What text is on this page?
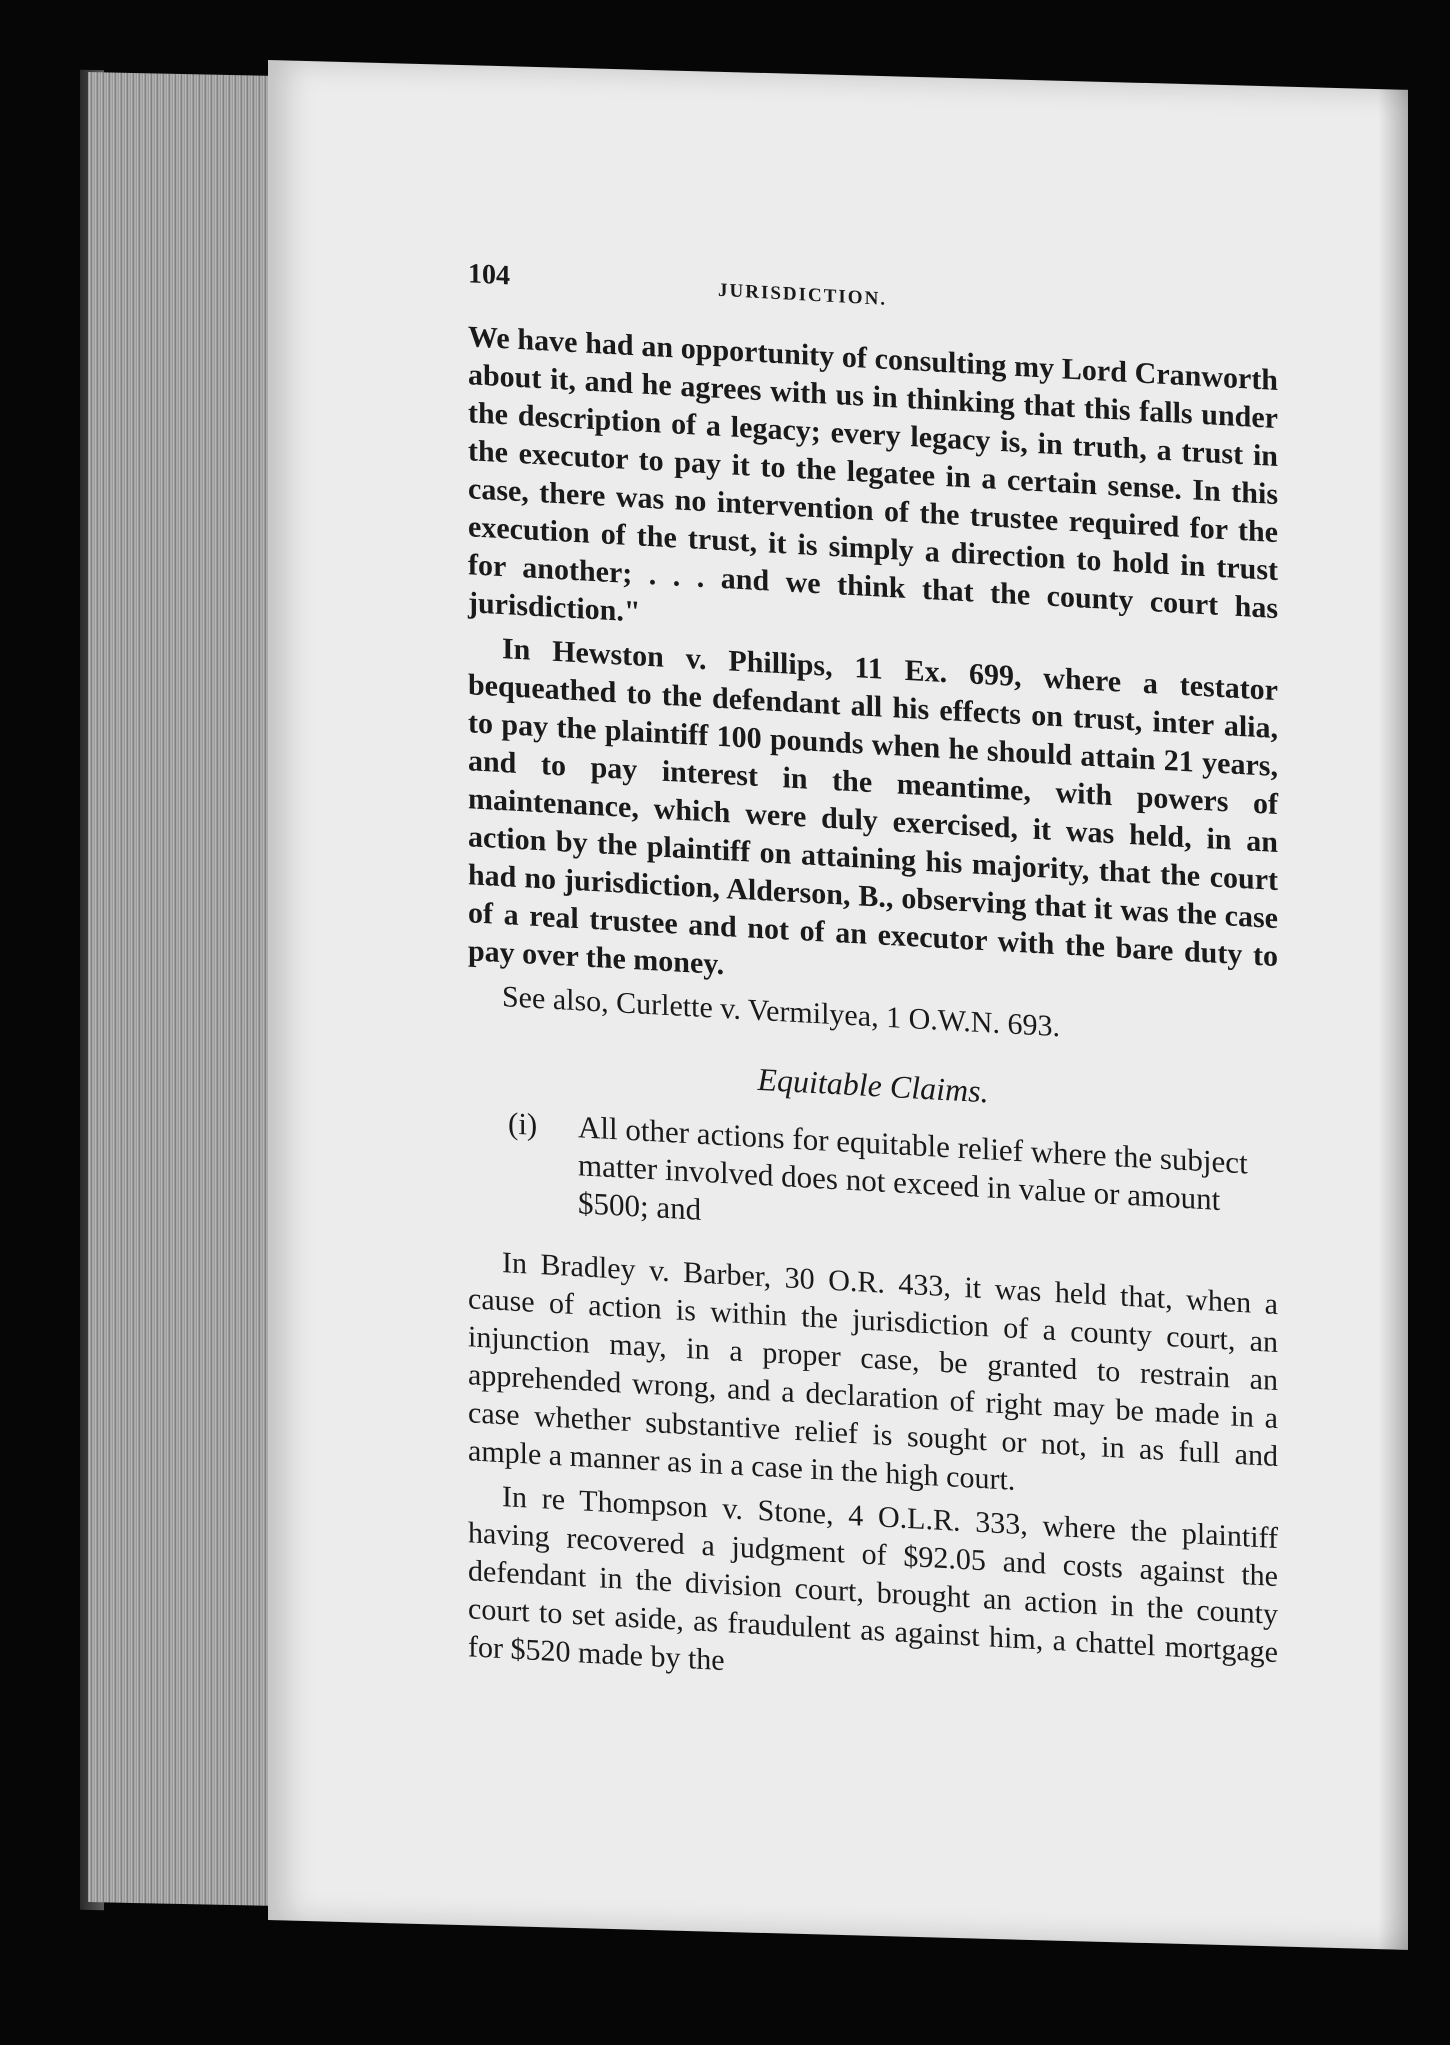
104
JURISDICTION.

We have had an opportunity of consulting my Lord Cranworth about it, and he agrees with us in thinking that this falls under the description of a legacy; every legacy is, in truth, a trust in the executor to pay it to the legatee in a certain sense. In this case, there was no intervention of the trustee required for the execution of the trust, it is simply a direction to hold in trust for another; . . . and we think that the county court has jurisdiction."

In Hewston v. Phillips, 11 Ex. 699, where a testator bequeathed to the defendant all his effects on trust, inter alia, to pay the plaintiff 100 pounds when he should attain 21 years, and to pay interest in the meantime, with powers of maintenance, which were duly exercised, it was held, in an action by the plaintiff on attaining his majority, that the court had no jurisdiction, Alderson, B., observing that it was the case of a real trustee and not of an executor with the bare duty to pay over the money.

See also, Curlette v. Vermilyea, 1 O.W.N. 693.

Equitable Claims.
(i)	All other actions for equitable relief where the subject matter involved does not exceed in value or amount $500; and

In Bradley v. Barber, 30 O.R. 433, it was held that, when a cause of action is within the jurisdiction of a county court, an injunction may, in a proper case, be granted to restrain an apprehended wrong, and a declaration of right may be made in a case whether substantive relief is sought or not, in as full and ample a manner as in a case in the high court.

In re Thompson v. Stone, 4 O.L.R. 333, where the plaintiff having recovered a judgment of $92.05 and costs against the defendant in the division court, brought an action in the county court to set aside, as fraudulent as against him, a chattel mortgage for $520 made by the
